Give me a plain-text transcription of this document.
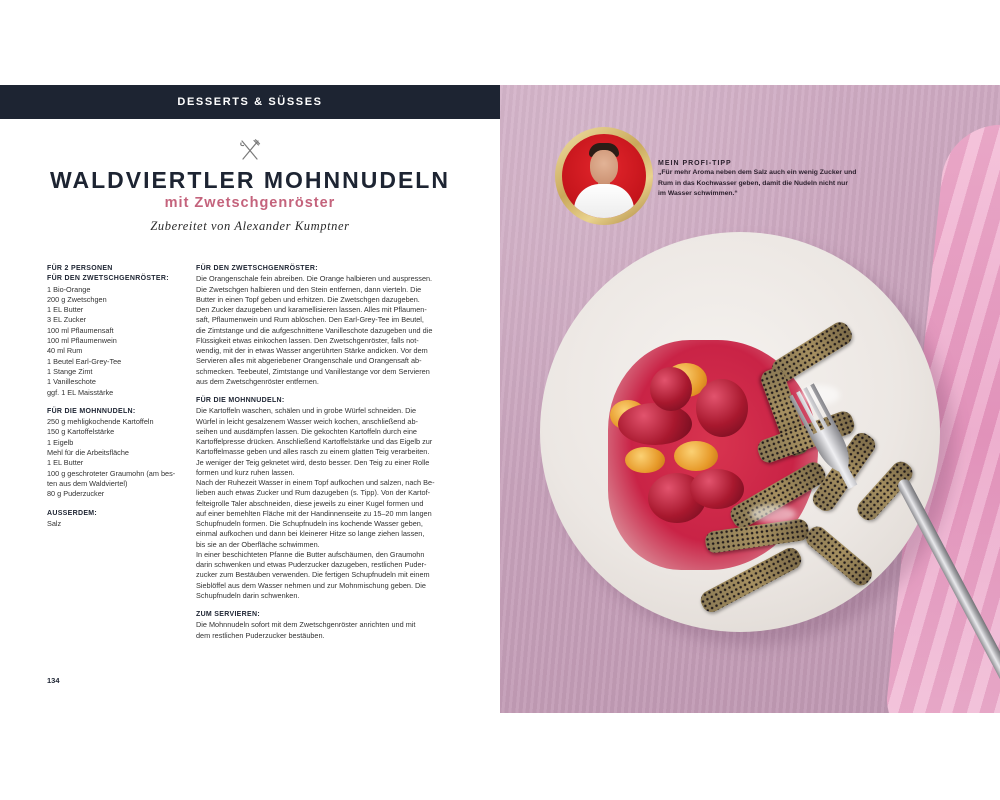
DESSERTS & SÜSSES
WALDVIERTLER MOHNNUDELN
mit Zwetschgenröster
Zubereitet von Alexander Kumptner
FÜR 2 PERSONEN
FÜR DEN ZWETSCHGENRÖSTER:
1 Bio-Orange
200 g Zwetschgen
1 EL Butter
3 EL Zucker
100 ml Pflaumensaft
100 ml Pflaumenwein
40 ml Rum
1 Beutel Earl-Grey-Tee
1 Stange Zimt
1 Vanilleschote
ggf. 1 EL Maisstärke
FÜR DIE MOHNNUDELN:
250 g mehligkochende Kartoffeln
150 g Kartoffelstärke
1 Eigelb
Mehl für die Arbeitsfläche
1 EL Butter
100 g geschroteter Graumohn (am bes-
ten aus dem Waldviertel)
80 g Puderzucker
AUSSERDEM:
Salz
FÜR DEN ZWETSCHGENRÖSTER:
Die Orangenschale fein abreiben. Die Orange halbieren und auspressen.
Die Zwetschgen halbieren und den Stein entfernen, dann vierteln. Die
Butter in einen Topf geben und erhitzen. Die Zwetschgen dazugeben.
Den Zucker dazugeben und karamellisieren lassen. Alles mit Pflaumen-
saft, Pflaumenwein und Rum ablöschen. Den Earl-Grey-Tee im Beutel,
die Zimtstange und die aufgeschnittene Vanilleschote dazugeben und die
Flüssigkeit etwas einkochen lassen. Den Zwetschgenröster, falls not-
wendig, mit der in etwas Wasser angerührten Stärke andicken. Vor dem
Servieren alles mit abgeriebener Orangenschale und Orangensaft ab-
schmecken. Teebeutel, Zimtstange und Vanillestange vor dem Servieren
aus dem Zwetschgenröster entfernen.
FÜR DIE MOHNNUDELN:
Die Kartoffeln waschen, schälen und in grobe Würfel schneiden. Die
Würfel in leicht gesalzenem Wasser weich kochen, anschließend ab-
seihen und ausdämpfen lassen. Die gekochten Kartoffeln durch eine
Kartoffelpresse drücken. Anschließend Kartoffelstärke und das Eigelb zur
Kartoffelmasse geben und alles rasch zu einem glatten Teig verarbeiten.
Je weniger der Teig geknetet wird, desto besser. Den Teig zu einer Rolle
formen und kurz ruhen lassen.
Nach der Ruhezeit Wasser in einem Topf aufkochen und salzen, nach Be-
lieben auch etwas Zucker und Rum dazugeben (s. Tipp). Von der Kartof-
felteigrolle Taler abschneiden, diese jeweils zu einer Kugel formen und
auf einer bemehlten Fläche mit der Handinnenseite zu 15–20 mm langen
Schupfnudeln formen. Die Schupfnudeln ins kochende Wasser geben,
einmal aufkochen und dann bei kleinerer Hitze so lange ziehen lassen,
bis sie an der Oberfläche schwimmen.
In einer beschichteten Pfanne die Butter aufschäumen, den Graumohn
darin schwenken und etwas Puderzucker dazugeben, restlichen Puder-
zucker zum Bestäuben verwenden. Die fertigen Schupfnudeln mit einem
Sieblöffel aus dem Wasser nehmen und zur Mohnmischung geben. Die
Schupfnudeln darin schwenken.
ZUM SERVIEREN:
Die Mohnnudeln sofort mit dem Zwetschgenröster anrichten und mit
dem restlichen Puderzucker bestäuben.
134
MEIN PROFI-TIPP
„Für mehr Aroma neben dem Salz auch ein wenig Zucker und
Rum in das Kochwasser geben, damit die Nudeln nicht nur
im Wasser schwimmen.“
